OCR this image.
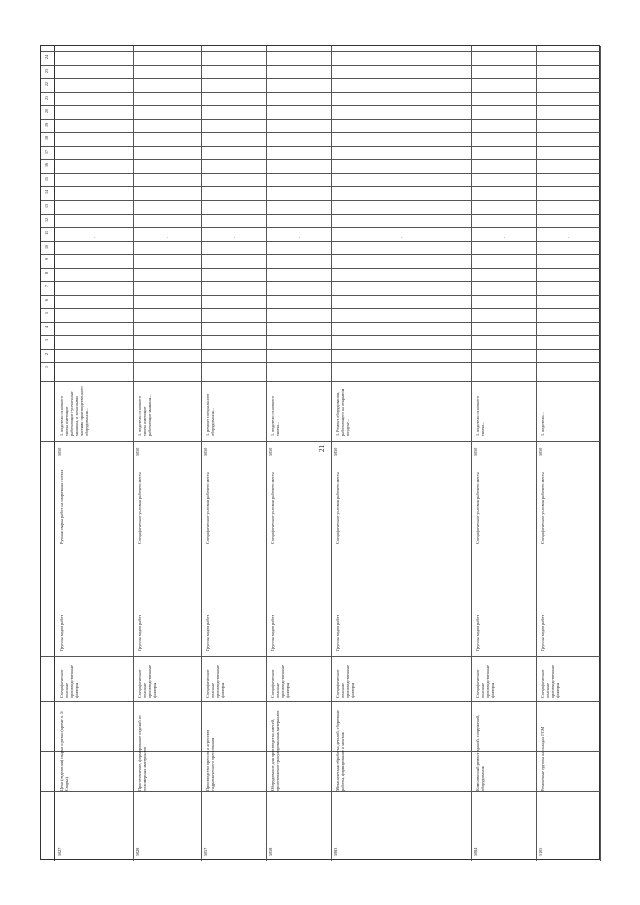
21
1
2
3
4
5
6
7
8
9
10
11
12
13
14
15
16
17
18
19
20
21
22
23
24
5027
Цехи (отделения) сварки и резки (кроме п. 5/Сварка)
Специфические опасные производственные факторы
Группы видов работ
Ручная сварка работ на сварочных постах
1. водители основного тягача имеющие работающие гусеничные машины, и запасными частями производственного оборудования...
5050
·
5028
Приготовление, формирование изделий из полимерных материалов
Специфические опасные производственные факторы
Группы видов работ
Специфические условия рабочего места
1. водители основного тягача имеющие работающие машины...
5050
·
5057
Производство прессов и агрегатов гидравлического прессования
Специфические опасные производственные факторы
Группы видов работ
Специфические условия рабочего места
1. ремонт специального оборудования...
5050
·
5058
Оборудование для производства смесей, приготовление гранулированных материалов
Специфические опасные производственные факторы
Группы видов работ
Специфические условия рабочего места
1. водители основного тягача...
5050
·
5083
Механическая обработка деталей, сборочные работы, формирование и монтаж
Специфические опасные производственные факторы
Группы видов работ
Специфические условия рабочего места
1. Ремонт оборудования, работающего на открытом воздухе...
5050
·
5084
Комплексный ремонт зданий, сооружений, оборудования
Специфические опасные производственные факторы
Группы видов работ
Специфические условия рабочего места
1. водители основного тягача...
5050
·
5105
Ремонтные группы на складах ГСМ
Специфические опасные производственные факторы
Группы видов работ
Специфические условия рабочего места
1. водители...
5050
·
